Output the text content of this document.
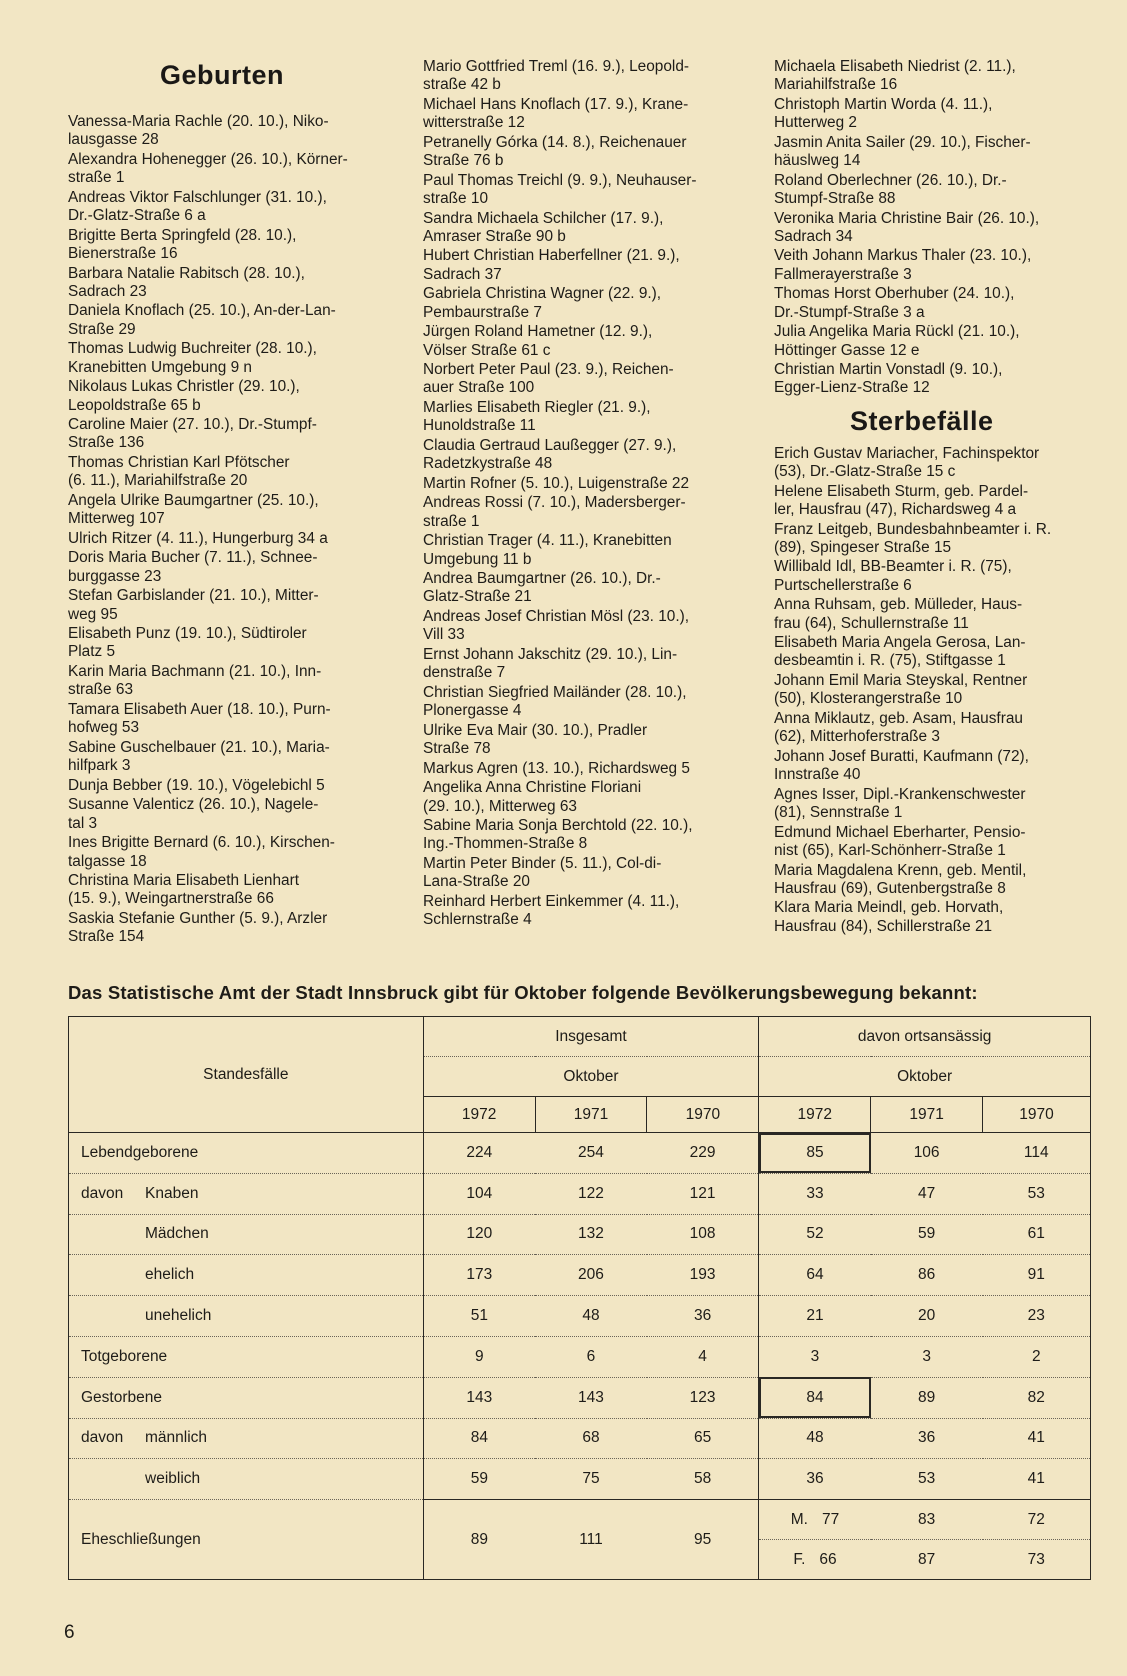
Geburten
Vanessa-Maria Rachle (20. 10.), Niko-
lausgasse 28
Alexandra Hohenegger (26. 10.), Körner-
straße 1
Andreas Viktor Falschlunger (31. 10.),
Dr.-Glatz-Straße 6 a
Brigitte Berta Springfeld (28. 10.),
Bienerstraße 16
Barbara Natalie Rabitsch (28. 10.),
Sadrach 23
Daniela Knoflach (25. 10.), An-der-Lan-
Straße 29
Thomas Ludwig Buchreiter (28. 10.),
Kranebitten Umgebung 9 n
Nikolaus Lukas Christler (29. 10.),
Leopoldstraße 65 b
Caroline Maier (27. 10.), Dr.-Stumpf-
Straße 136
Thomas Christian Karl Pfötscher
(6. 11.), Mariahilfstraße 20
Angela Ulrike Baumgartner (25. 10.),
Mitterweg 107
Ulrich Ritzer (4. 11.), Hungerburg 34 a
Doris Maria Bucher (7. 11.), Schnee-
burggasse 23
Stefan Garbislander (21. 10.), Mitter-
weg 95
Elisabeth Punz (19. 10.), Südtiroler
Platz 5
Karin Maria Bachmann (21. 10.), Inn-
straße 63
Tamara Elisabeth Auer (18. 10.), Purn-
hofweg 53
Sabine Guschelbauer (21. 10.), Maria-
hilfpark 3
Dunja Bebber (19. 10.), Vögelebichl 5
Susanne Valenticz (26. 10.), Nagele-
tal 3
Ines Brigitte Bernard (6. 10.), Kirschen-
talgasse 18
Christina Maria Elisabeth Lienhart
(15. 9.), Weingartnerstraße 66
Saskia Stefanie Gunther (5. 9.), Arzler
Straße 154
Mario Gottfried Treml (16. 9.), Leopold-
straße 42 b
Michael Hans Knoflach (17. 9.), Krane-
witterstraße 12
Petranelly Górka (14. 8.), Reichenauer
Straße 76 b
Paul Thomas Treichl (9. 9.), Neuhauser-
straße 10
Sandra Michaela Schilcher (17. 9.),
Amraser Straße 90 b
Hubert Christian Haberfellner (21. 9.),
Sadrach 37
Gabriela Christina Wagner (22. 9.),
Pembaurstraße 7
Jürgen Roland Hametner (12. 9.),
Völser Straße 61 c
Norbert Peter Paul (23. 9.), Reichen-
auer Straße 100
Marlies Elisabeth Riegler (21. 9.),
Hunoldstraße 11
Claudia Gertraud Laußegger (27. 9.),
Radetzkystraße 48
Martin Rofner (5. 10.), Luigenstraße 22
Andreas Rossi (7. 10.), Madersberger-
straße 1
Christian Trager (4. 11.), Kranebitten
Umgebung 11 b
Andrea Baumgartner (26. 10.), Dr.-
Glatz-Straße 21
Andreas Josef Christian Mösl (23. 10.),
Vill 33
Ernst Johann Jakschitz (29. 10.), Lin-
denstraße 7
Christian Siegfried Mailänder (28. 10.),
Plonergasse 4
Ulrike Eva Mair (30. 10.), Pradler
Straße 78
Markus Agren (13. 10.), Richardsweg 5
Angelika Anna Christine Floriani
(29. 10.), Mitterweg 63
Sabine Maria Sonja Berchtold (22. 10.),
Ing.-Thommen-Straße 8
Martin Peter Binder (5. 11.), Col-di-
Lana-Straße 20
Reinhard Herbert Einkemmer (4. 11.),
Schlernstraße 4
Michaela Elisabeth Niedrist (2. 11.),
Mariahilfstraße 16
Christoph Martin Worda (4. 11.),
Hutterweg 2
Jasmin Anita Sailer (29. 10.), Fischer-
häuslweg 14
Roland Oberlechner (26. 10.), Dr.-
Stumpf-Straße 88
Veronika Maria Christine Bair (26. 10.),
Sadrach 34
Veith Johann Markus Thaler (23. 10.),
Fallmerayerstraße 3
Thomas Horst Oberhuber (24. 10.),
Dr.-Stumpf-Straße 3 a
Julia Angelika Maria Rückl (21. 10.),
Höttinger Gasse 12 e
Christian Martin Vonstadl (9. 10.),
Egger-Lienz-Straße 12
Sterbefälle
Erich Gustav Mariacher, Fachinspektor
(53), Dr.-Glatz-Straße 15 c
Helene Elisabeth Sturm, geb. Pardel-
ler, Hausfrau (47), Richardsweg 4 a
Franz Leitgeb, Bundesbahnbeamter i. R.
(89), Spingeser Straße 15
Willibald Idl, BB-Beamter i. R. (75),
Purtschellerstraße 6
Anna Ruhsam, geb. Mülleder, Haus-
frau (64), Schullernstraße 11
Elisabeth Maria Angela Gerosa, Lan-
desbeamtin i. R. (75), Stiftgasse 1
Johann Emil Maria Steyskal, Rentner
(50), Klosterangerstraße 10
Anna Miklautz, geb. Asam, Hausfrau
(62), Mitterhoferstraße 3
Johann Josef Buratti, Kaufmann (72),
Innstraße 40
Agnes Isser, Dipl.-Krankenschwester
(81), Sennstraße 1
Edmund Michael Eberharter, Pensio-
nist (65), Karl-Schönherr-Straße 1
Maria Magdalena Krenn, geb. Mentil,
Hausfrau (69), Gutenbergstraße 8
Klara Maria Meindl, geb. Horvath,
Hausfrau (84), Schillerstraße 21
Das Statistische Amt der Stadt Innsbruck gibt für Oktober folgende Bevölkerungsbewegung bekannt:
Standesfälle	Insgesamt			davon ortsansässig		
	Oktober			Oktober		
	1972	1971	1970	1972	1971	1970
Lebendgeborene	224	254	229	85	106	114
davon Knaben	104	122	121	33	47	53
Mädchen	120	132	108	52	59	61
ehelich	173	206	193	64	86	91
unehelich	51	48	36	21	20	23
Totgeborene	9	6	4	3	3	2
Gestorbene	143	143	123	84	89	82
davon männlich	84	68	65	48	36	41
weiblich	59	75	58	36	53	41
Eheschließungen	89	111	95	M. 77	83	72
				F. 66	87	73
6
